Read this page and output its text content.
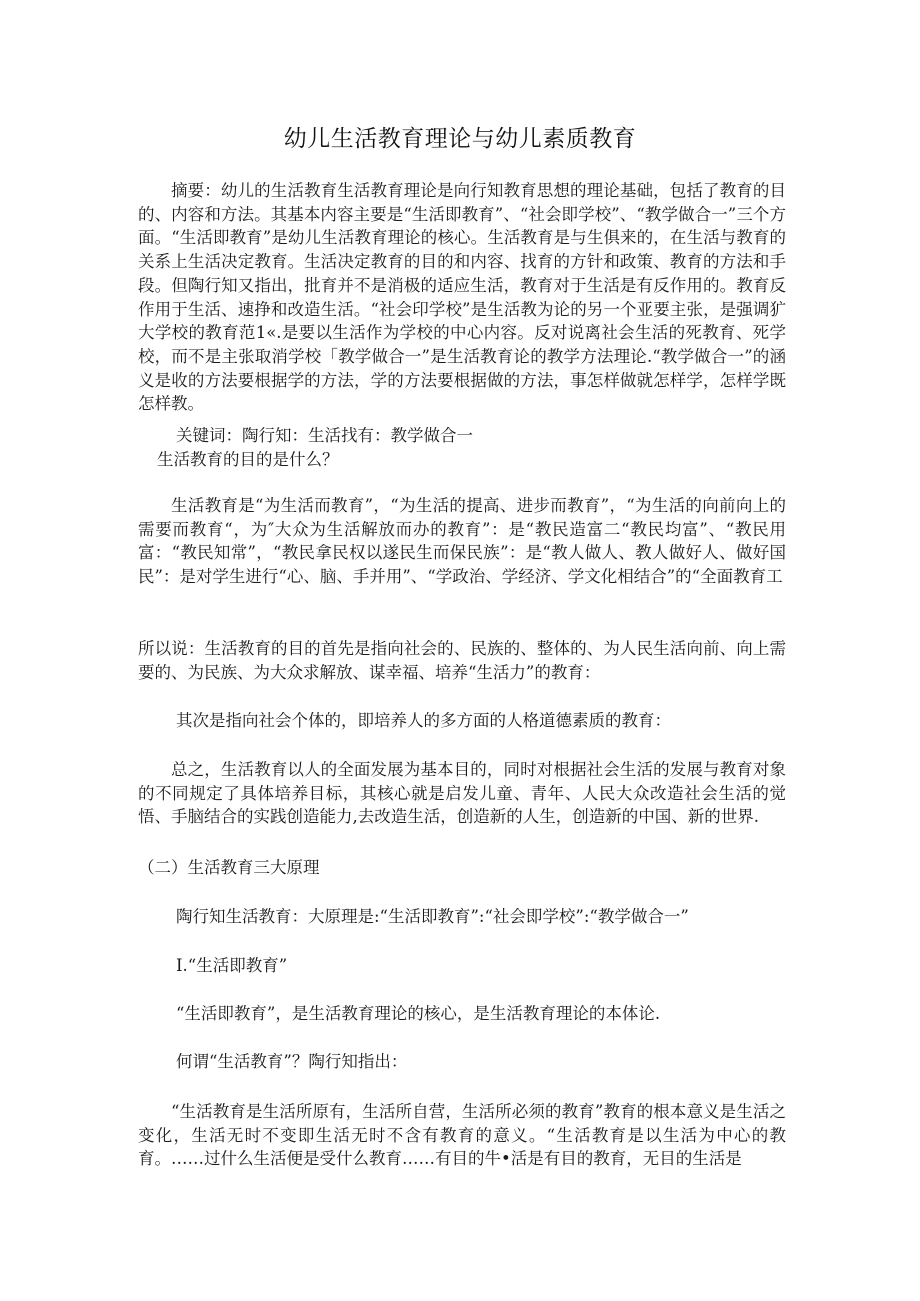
幼儿生活教育理论与幼儿素质教育
摘要：幼儿的生活教育生活教育理论是向行知教育思想的理论基础，包括了教育的目的、内容和方法。其基本内容主要是“生活即教育”、“社会即学校”、“教学做合一”三个方面。“生活即教育”是幼儿生活教育理论的核心。生活教育是与生俱来的，在生活与教育的关系上生活决定教育。生活决定教育的目的和内容、找育的方针和政策、教育的方法和手段。但陶行知又指出，批育并不是消极的适应生活，教育对于生活是有反作用的。教育反作用于生活、速挣和改造生活。“社会印学校”是生活教为论的另一个亚要主张，是强调犷大学校的教育范1«.是要以生活作为学校的中心内容。反对说离社会生活的死教育、死学校，而不是主张取消学校「教学做合一”是生活教育论的教学方法理论.“教学做合一”的涵义是收的方法要根据学的方法，学的方法要根据做的方法，事怎样做就怎样学，怎样学既怎样教。
关键词：陶行知：生活找有：教学做合一
生活教育的目的是什么？
生活教育是“为生活而教育”，“为生活的提高、进步而教育”，“为生活的向前向上的需要而教育“，为″大众为生活解放而办的教育”：是“教民造富二“教民均富”、“教民用富：“教民知常”，“教民拿民权以遂民生而保民族”：是“教人做人、教人做好人、做好国民”：是对学生进行“心、脑、手并用”、“学政治、学经济、学文化相结合”的“全面教育工
所以说：生活教育的目的首先是指向社会的、民族的、整体的、为人民生活向前、向上需要的、为民族、为大众求解放、谋幸福、培养“生活力”的教育：
其次是指向社会个体的，即培养人的多方面的人格道德素质的教育：
总之，生活教育以人的全面发展为基本目的，同时对根据社会生活的发展与教育对象的不同规定了具体培养目标，其核心就是启发儿童、青年、人民大众改造社会生活的觉悟、手脑结合的实践创造能力,去改造生活，创造新的人生，创造新的中国、新的世界.
（二）生活教育三大原理
陶行知生活教育：大原理是:“生活即教育”:“社会即学校”:“教学做合一”
I.“生活即教育”
“生活即教育”，是生活教育理论的核心，是生活教育理论的本体论.
何谓“生活教育”？陶行知指出：
“生活教育是生活所原有，生活所自营，生活所必须的教育”教育的根本意义是生活之变化，生活无时不变即生活无时不含有教育的意义。“生活教育是以生活为中心的教育。……过什么生活便是受什么教育……有目的牛•活是有目的教育，无目的生活是
